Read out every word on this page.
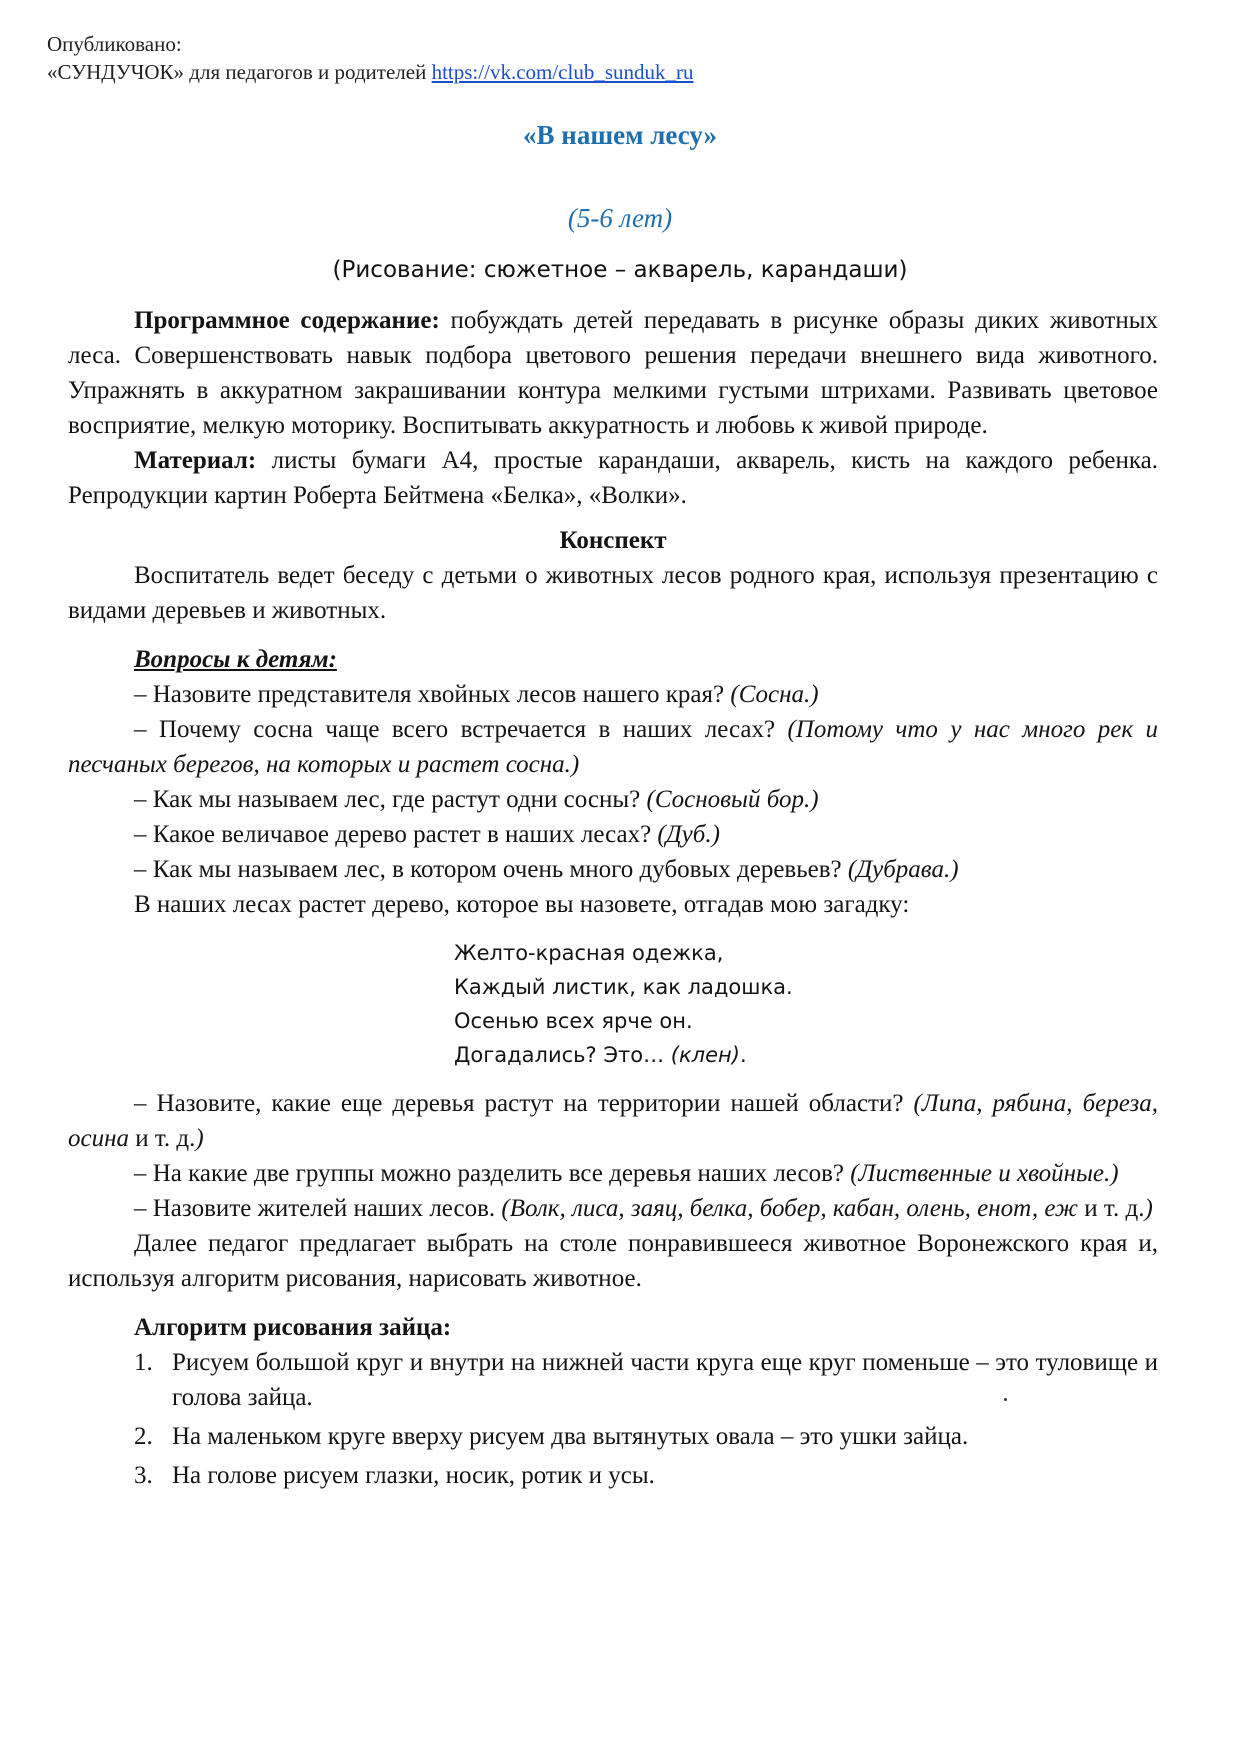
Опубликовано:
«СУНДУЧОК» для педагогов и родителей https://vk.com/club_sunduk_ru
«В нашем лесу»
(5-6 лет)
(Рисование: сюжетное – акварель, карандаши)

Программное содержание: побуждать детей передавать в рисунке образы диких животных леса. Совершенствовать навык подбора цветового решения передачи внешнего вида животного. Упражнять в аккуратном закрашивании контура мелкими густыми штрихами. Развивать цветовое восприятие, мелкую моторику. Воспитывать аккуратность и любовь к живой природе.

Материал: листы бумаги А4, простые карандаши, акварель, кисть на каждого ребенка. Репродукции картин Роберта Бейтмена «Белка», «Волки».

Конспект

Воспитатель ведет беседу с детьми о животных лесов родного края, используя презентацию с видами деревьев и животных.

Вопросы к детям:

– Назовите представителя хвойных лесов нашего края? (Сосна.)

– Почему сосна чаще всего встречается в наших лесах? (Потому что у нас много рек и песчаных берегов, на которых и растет сосна.)

– Как мы называем лес, где растут одни сосны? (Сосновый бор.)

– Какое величавое дерево растет в наших лесах? (Дуб.)

– Как мы называем лес, в котором очень много дубовых деревьев? (Дубрава.)

В наших лесах растет дерево, которое вы назовете, отгадав мою загадку:

Желто-красная одежка,
Каждый листик, как ладошка.
Осенью всех ярче он.
Догадались? Это… (клен).

– Назовите, какие еще деревья растут на территории нашей области? (Липа, рябина, береза, осина и т. д.)

– На какие две группы можно разделить все деревья наших лесов? (Лиственные и хвойные.)

– Назовите жителей наших лесов. (Волк, лиса, заяц, белка, бобер, кабан, олень, енот, еж и т. д.)

Далее педагог предлагает выбрать на столе понравившееся животное Воронежского края и, используя алгоритм рисования, нарисовать животное.

Алгоритм рисования зайца:

1. Рисуем большой круг и внутри на нижней части круга еще круг поменьше – это туловище и голова зайца.
2. На маленьком круге вверху рисуем два вытянутых овала – это ушки зайца.
3. На голове рисуем глазки, носик, ротик и усы.
